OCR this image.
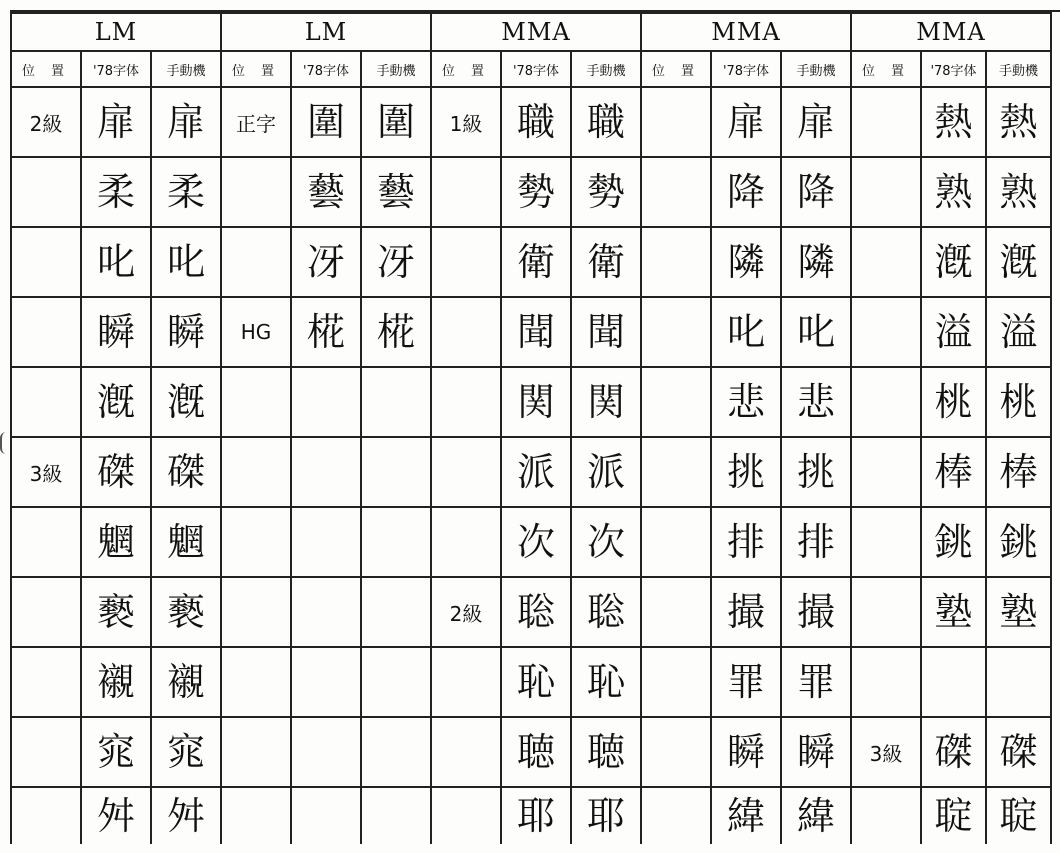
LM			LM			MMA			MMA			MMA		
位 置	'78字体	手動機	位 置	'78字体	手動機	位 置	'78字体	手動機	位 置	'78字体	手動機	位 置	'78字体	手動機
2級	扉	扉	正字	圍	圍	1級	職	職		扉	扉		熱	熱
	柔	柔		藝	藝		勢	勢		降	降		熟	熟
	叱	叱		冴	冴		衛	衛		隣	隣		漑	漑
	瞬	瞬	HG	椛	椛		聞	聞		叱	叱		溢	溢
	漑	漑					関	関		悲	悲		桃	桃
3級	磔	磔					派	派		挑	挑		棒	棒
	魍	魍					次	次		排	排		銚	銚
	褻	褻				2級	聡	聡		撮	撮		塾	塾
	襯	襯					恥	恥		罪	罪			
	窕	窕					聴	聴		瞬	瞬	3級	磔	磔
	舛	舛					耶	耶		緯	緯		聢	聢
